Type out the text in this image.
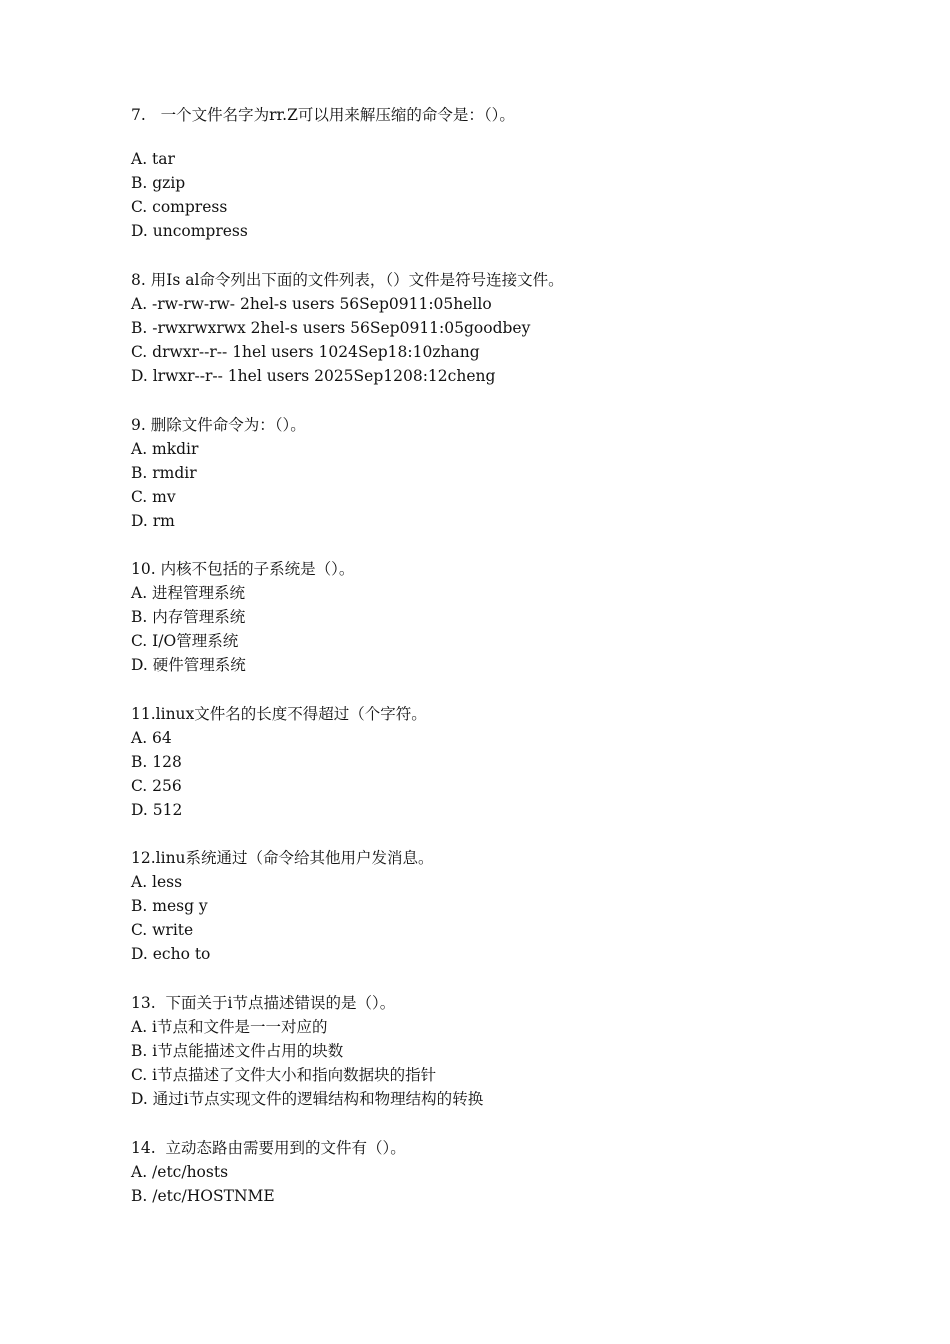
7.   一个文件名字为rr.Z可以用来解压缩的命令是：（）。
A. tar
B. gzip
C. compress
D. uncompress
8. 用Is al命令列出下面的文件列表，（）文件是符号连接文件。
A. -rw-rw-rw- 2hel-s users 56Sep0911:05hello
B. -rwxrwxrwx 2hel-s users 56Sep0911:05goodbey
C. drwxr--r-- 1hel users 1024Sep18:10zhang
D. lrwxr--r-- 1hel users 2025Sep1208:12cheng
9. 删除文件命令为：（）。
A. mkdir
B. rmdir
C. mv
D. rm
10. 内核不包括的子系统是（）。
A. 进程管理系统
B. 内存管理系统
C. I/O管理系统
D. 硬件管理系统
11.linux文件名的长度不得超过（个字符。
A. 64
B. 128
C. 256
D. 512
12.linu系统通过（命令给其他用户发消息。
A. less
B. mesg y
C. write
D. echo to
13.  下面关于i节点描述错误的是（）。
A. i节点和文件是一一对应的
B. i节点能描述文件占用的块数
C. i节点描述了文件大小和指向数据块的指针
D. 通过i节点实现文件的逻辑结构和物理结构的转换
14.  立动态路由需要用到的文件有（）。
A. /etc/hosts
B. /etc/HOSTNME
